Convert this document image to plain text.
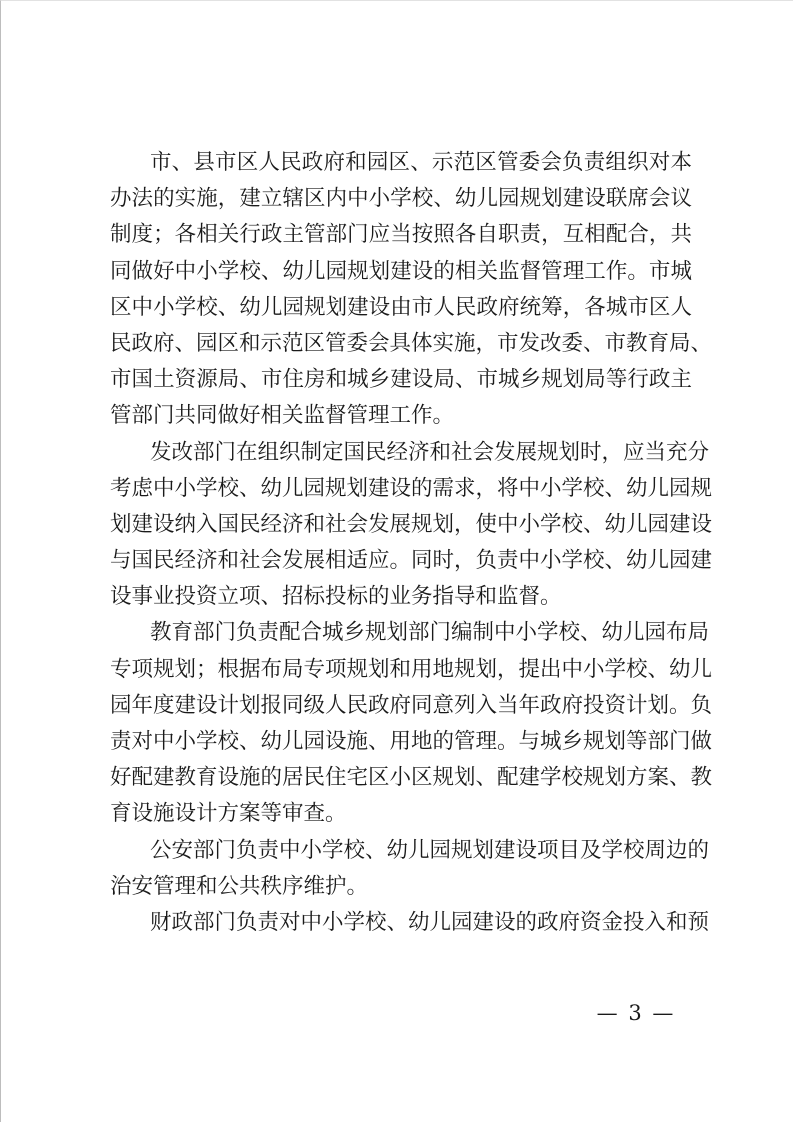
市、县市区人民政府和园区、示范区管委会负责组织对本
办法的实施，建立辖区内中小学校、幼儿园规划建设联席会议
制度；各相关行政主管部门应当按照各自职责，互相配合，共
同做好中小学校、幼儿园规划建设的相关监督管理工作。市城
区中小学校、幼儿园规划建设由市人民政府统筹，各城市区人
民政府、园区和示范区管委会具体实施，市发改委、市教育局、
市国土资源局、市住房和城乡建设局、市城乡规划局等行政主
管部门共同做好相关监督管理工作。
发改部门在组织制定国民经济和社会发展规划时，应当充分
考虑中小学校、幼儿园规划建设的需求，将中小学校、幼儿园规
划建设纳入国民经济和社会发展规划，使中小学校、幼儿园建设
与国民经济和社会发展相适应。同时，负责中小学校、幼儿园建
设事业投资立项、招标投标的业务指导和监督。
教育部门负责配合城乡规划部门编制中小学校、幼儿园布局
专项规划；根据布局专项规划和用地规划，提出中小学校、幼儿
园年度建设计划报同级人民政府同意列入当年政府投资计划。负
责对中小学校、幼儿园设施、用地的管理。与城乡规划等部门做
好配建教育设施的居民住宅区小区规划、配建学校规划方案、教
育设施设计方案等审查。
公安部门负责中小学校、幼儿园规划建设项目及学校周边的
治安管理和公共秩序维护。
财政部门负责对中小学校、幼儿园建设的政府资金投入和预
— 3 —
